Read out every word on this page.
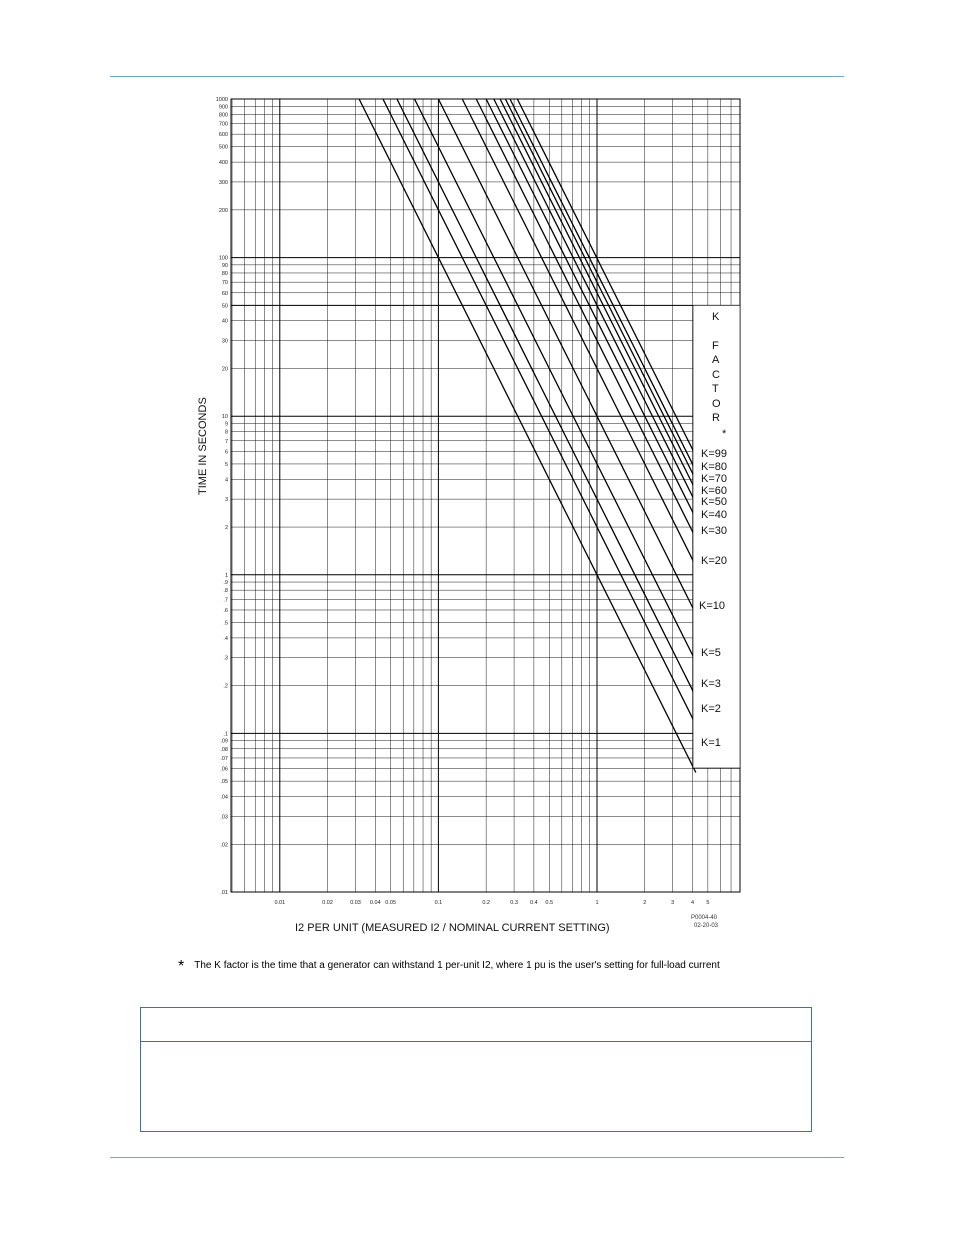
K
F
A
C
T
O
R
*
K=1
K=2
K=3
K=5
K=10
K=20
K=30
K=40
K=50
K=60
K=70
K=80
K=99
1000
900
800
700
600
500
400
300
200
100
90
80
70
60
50
40
30
20
10
9
8
7
6
5
4
3
2
1
.9
.8
.7
.6
.5
.4
.3
.2
.1
.09
.08
.07
.06
.05
.04
.03
.02
.01
0.01	0.02	0.03 0.04 0.05	0.1	0.2	0.3 0.4 0.5	1	2	3	4 5
TIME IN SECONDS
I2 PER UNIT (MEASURED I2 / NOMINAL CURRENT SETTING)
P0004-40
02-20-03
* The K factor is the time that a generator can withstand 1 per-unit I2, where 1 pu is the user's setting for full-load current
